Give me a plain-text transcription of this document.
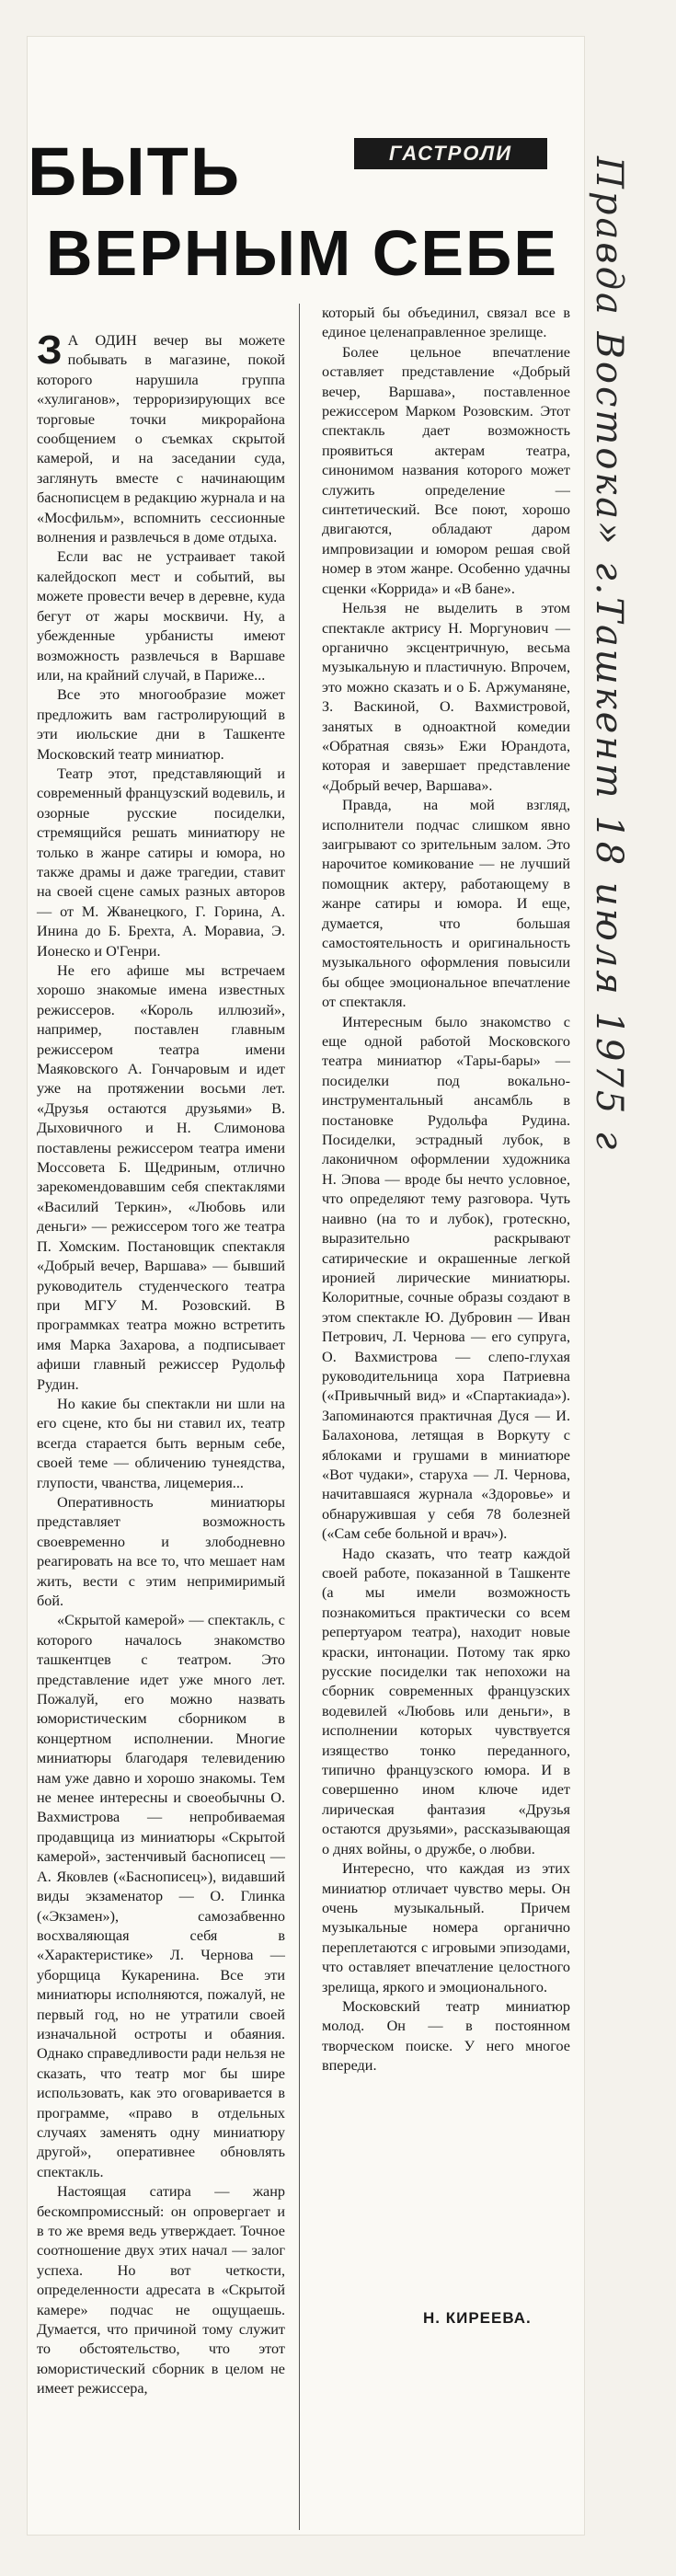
БЫТЬ
ВЕРНЫМ СЕБЕ
ГАСТРОЛИ

З А ОДИН вечер вы можете побывать в магазине, покой которого нарушила группа «хулиганов», терроризирующих все торговые точки микрорайона сообщением о съемках скрытой камерой, и на заседании суда, заглянуть вместе с начинающим баснописцем в редакцию журнала и на «Мосфильм», вспомнить сессионные волнения и развлечься в доме отдыха.

Если вас не устраивает такой калейдоскоп мест и событий, вы можете провести вечер в деревне, куда бегут от жары москвичи. Ну, а убежденные урбанисты имеют возможность развлечься в Варшаве или, на крайний случай, в Париже...

Все это многообразие может предложить вам гастролирующий в эти июльские дни в Ташкенте Московский театр миниатюр.

Театр этот, представляющий и современный французский водевиль, и озорные русские посиделки, стремящийся решать миниатюру не только в жанре сатиры и юмора, но также драмы и даже трагедии, ставит на своей сцене самых разных авторов — от М. Жванецкого, Г. Горина, А. Инина до Б. Брехта, А. Моравиа, Э. Ионеско и О'Генри.

Не его афише мы встречаем хорошо знакомые имена известных режиссеров. «Король иллюзий», например, поставлен главным режиссером театра имени Маяковского А. Гончаровым и идет уже на протяжении восьми лет. «Друзья остаются друзьями» В. Дыховичного и Н. Слимонова поставлены режиссером театра имени Моссовета Б. Щедриным, отлично зарекомендовавшим себя спектаклями «Василий Теркин», «Любовь или деньги» — режиссером того же театра П. Хомским. Постановщик спектакля «Добрый вечер, Варшава» — бывший руководитель студенческого театра при МГУ М. Розовский. В программках театра можно встретить имя Марка Захарова, а подписывает афиши главный режиссер Рудольф Рудин.

Но какие бы спектакли ни шли на его сцене, кто бы ни ставил их, театр всегда старается быть верным себе, своей теме — обличению тунеядства, глупости, чванства, лицемерия...

Оперативность миниатюры представляет возможность своевременно и злободневно реагировать на все то, что мешает нам жить, вести с этим непримиримый бой.

«Скрытой камерой» — спектакль, с которого началось знакомство ташкентцев с театром. Это представление идет уже много лет. Пожалуй, его можно назвать юмористическим сборником в концертном исполнении. Многие миниатюры благодаря телевидению нам уже давно и хорошо знакомы. Тем не менее интересны и своеобычны О. Вахмистрова — непробиваемая продавщица из миниатюры «Скрытой камерой», застенчивый баснописец — А. Яковлев («Баснописец»), видавший виды экзаменатор — О. Глинка («Экзамен»), самозабвенно восхваляющая себя в «Характеристике» Л. Чернова — уборщица Кукаренина. Все эти миниатюры исполняются, пожалуй, не первый год, но не утратили своей изначальной остроты и обаяния. Однако справедливости ради нельзя не сказать, что театр мог бы шире использовать, как это оговаривается в программе, «право в отдельных случаях заменять одну миниатюру другой», оперативнее обновлять спектакль.

Настоящая сатира — жанр бескомпромиссный: он опровергает и в то же время ведь утверждает. Точное соотношение двух этих начал — залог успеха. Но вот четкости, определенности адресата в «Скрытой камере» подчас не ощущаешь. Думается, что причиной тому служит то обстоятельство, что этот юмористический сборник в целом не имеет режиссера,

который бы объединил, связал все в единое целенаправленное зрелище.

Более цельное впечатление оставляет представление «Добрый вечер, Варшава», поставленное режиссером Марком Розовским. Этот спектакль дает возможность проявиться актерам театра, синонимом названия которого может служить определение — синтетический. Все поют, хорошо двигаются, обладают даром импровизации и юмором решая свой номер в этом жанре. Особенно удачны сценки «Коррида» и «В бане».

Нельзя не выделить в этом спектакле актрису Н. Моргунович — органично эксцентричную, весьма музыкальную и пластичную. Впрочем, это можно сказать и о Б. Аржуманяне, З. Васкиной, О. Вахмистровой, занятых в одноактной комедии «Обратная связь» Ежи Юрандота, которая и завершает представление «Добрый вечер, Варшава».

Правда, на мой взгляд, исполнители подчас слишком явно заигрывают со зрительным залом. Это нарочитое комикование — не лучший помощник актеру, работающему в жанре сатиры и юмора. И еще, думается, что большая самостоятельность и оригинальность музыкального оформления повысили бы общее эмоциональное впечатление от спектакля.

Интересным было знакомство с еще одной работой Московского театра миниатюр «Тары-бары» — посиделки под вокально-инструментальный ансамбль в постановке Рудольфа Рудина. Посиделки, эстрадный лубок, в лаконичном оформлении художника Н. Эпова — вроде бы нечто условное, что определяют тему разговора. Чуть наивно (на то и лубок), гротескно, выразительно раскрывают сатирические и окрашенные легкой иронией лирические миниатюры. Колоритные, сочные образы создают в этом спектакле Ю. Дубровин — Иван Петрович, Л. Чернова — его супруга, О. Вахмистрова — слепо-глухая руководительница хора Патриевна («Привычный вид» и «Спартакиада»). Запоминаются практичная Дуся — И. Балахонова, летящая в Воркуту с яблоками и грушами в миниатюре «Вот чудаки», старуха — Л. Чернова, начитавшаяся журнала «Здоровье» и обнаружившая у себя 78 болезней («Сам себе больной и врач»).

Надо сказать, что театр каждой своей работе, показанной в Ташкенте (а мы имели возможность познакомиться практически со всем репертуаром театра), находит новые краски, интонации. Потому так ярко русские посиделки так непохожи на сборник современных французских водевилей «Любовь или деньги», в исполнении которых чувствуется изящество тонко переданного, типично французского юмора. И в совершенно ином ключе идет лирическая фантазия «Друзья остаются друзьями», рассказывающая о днях войны, о дружбе, о любви.

Интересно, что каждая из этих миниатюр отличает чувство меры. Он очень музыкальный. Причем музыкальные номера органично переплетаются с игровыми эпизодами, что оставляет впечатление целостного зрелища, яркого и эмоционального.

Московский театр миниатюр молод. Он — в постоянном творческом поиске. У него многое впереди.

Н. КИРЕЕВА.
Правда Востока» г.Ташкент 18 июля 1975 г
